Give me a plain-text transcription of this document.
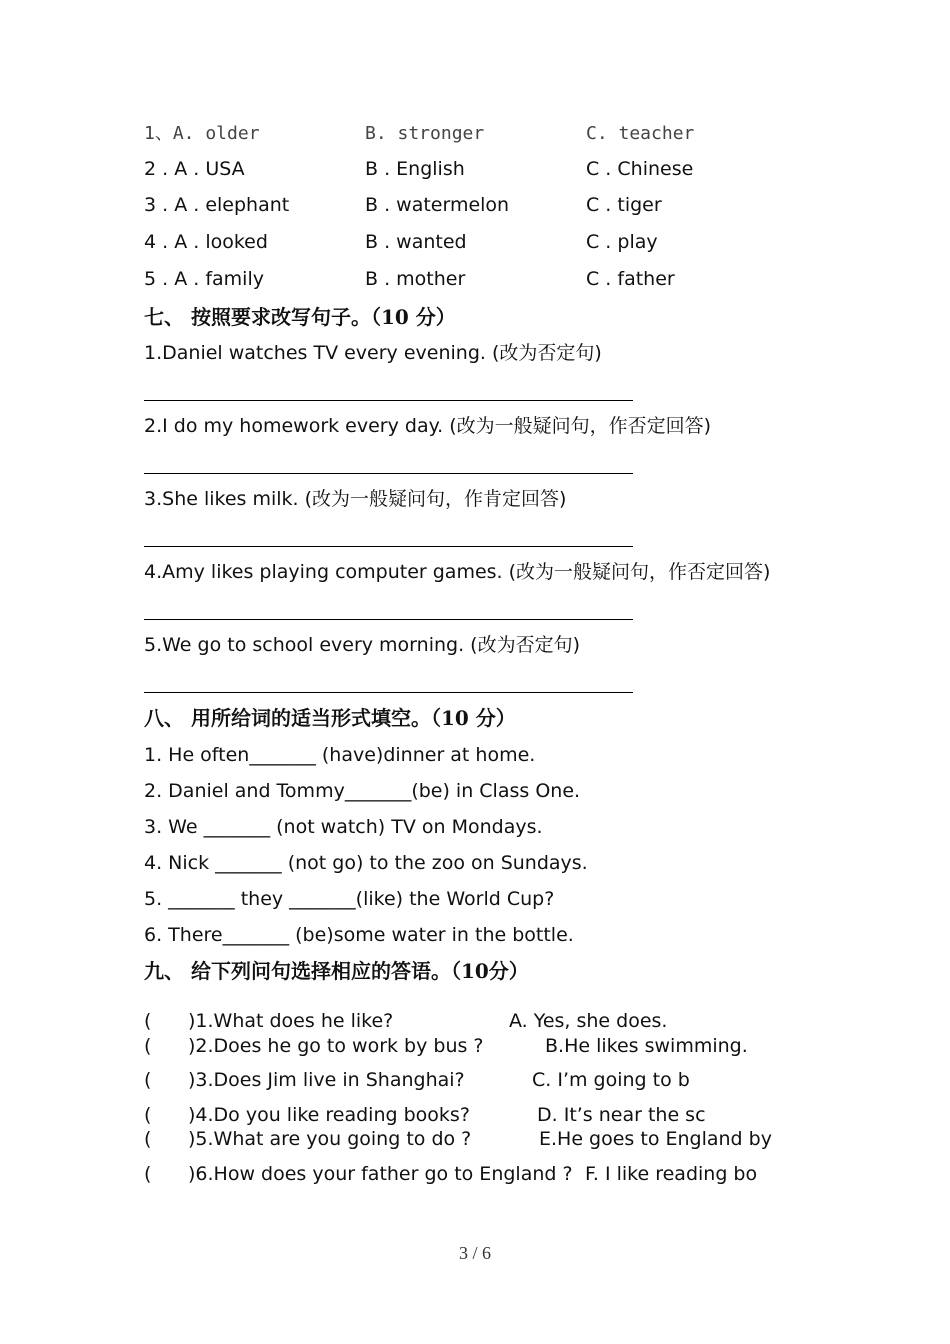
1、A. older	B. stronger	C. teacher
2 . A . USA	B . English	C . Chinese
3 . A . elephant	B . watermelon	C . tiger
4 . A . looked	B . wanted	C . play
5 . A . family	B . mother	C . father
七、 按照要求改写句子。（10 分）
1.Daniel watches TV every evening. (改为否定句)
2.I do my homework every day. (改为一般疑问句，作否定回答)
3.She likes milk. (改为一般疑问句，作肯定回答)
4.Amy likes playing computer games. (改为一般疑问句，作否定回答)
5.We go to school every morning. (改为否定句)
八、 用所给词的适当形式填空。（10 分）
1. He often_______ (have)dinner at home.
2. Daniel and Tommy_______(be) in Class One.
3. We _______ (not watch) TV on Mondays.
4. Nick _______ (not go) to the zoo on Sundays.
5. _______ they _______(like) the World Cup?
6. There_______ (be)some water in the bottle.
九、 给下列问句选择相应的答语。（10分）
( )1.What does he like?	A. Yes, she does.
( )2.Does he go to work by bus ?	B.He likes swimming.
( )3.Does Jim live in Shanghai?	C. I’m going to b
( )4.Do you like reading books?	D. It’s near the sc
( )5.What are you going to do ?	E.He goes to England by
( )6.How does your father go to England ? F. I like reading bo
3 / 6
